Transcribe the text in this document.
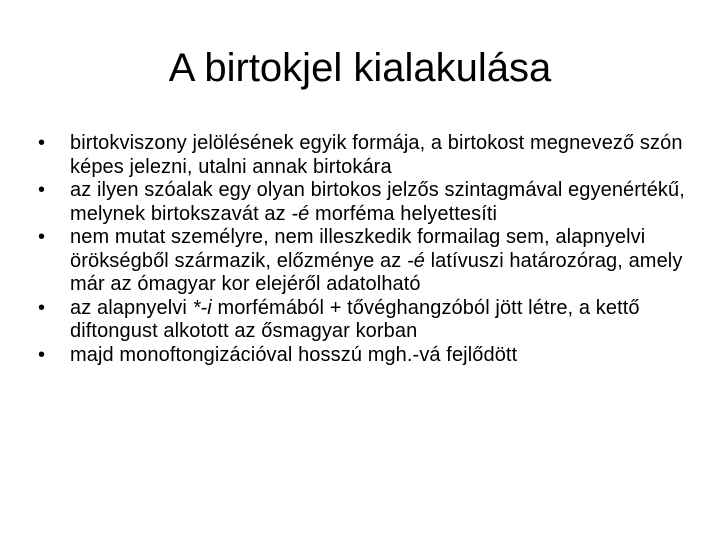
A birtokjel kialakulása
•	birtokviszony jelölésének egyik formája, a birtokost megnevező szón képes jelezni, utalni annak birtokára
•	az ilyen szóalak egy olyan birtokos jelzős szintagmával egyenértékű, melynek birtokszavát az -é morféma helyettesíti
•	nem mutat személyre, nem illeszkedik formailag sem, alapnyelvi örökségből származik, előzménye az -é latívuszi határozórag, amely már az ómagyar kor elejéről adatolható
•	az alapnyelvi *-i morfémából + tővéghangzóból jött létre, a kettő diftongust alkotott az ősmagyar korban
•	majd monoftongizációval hosszú mgh.-vá fejlődött
